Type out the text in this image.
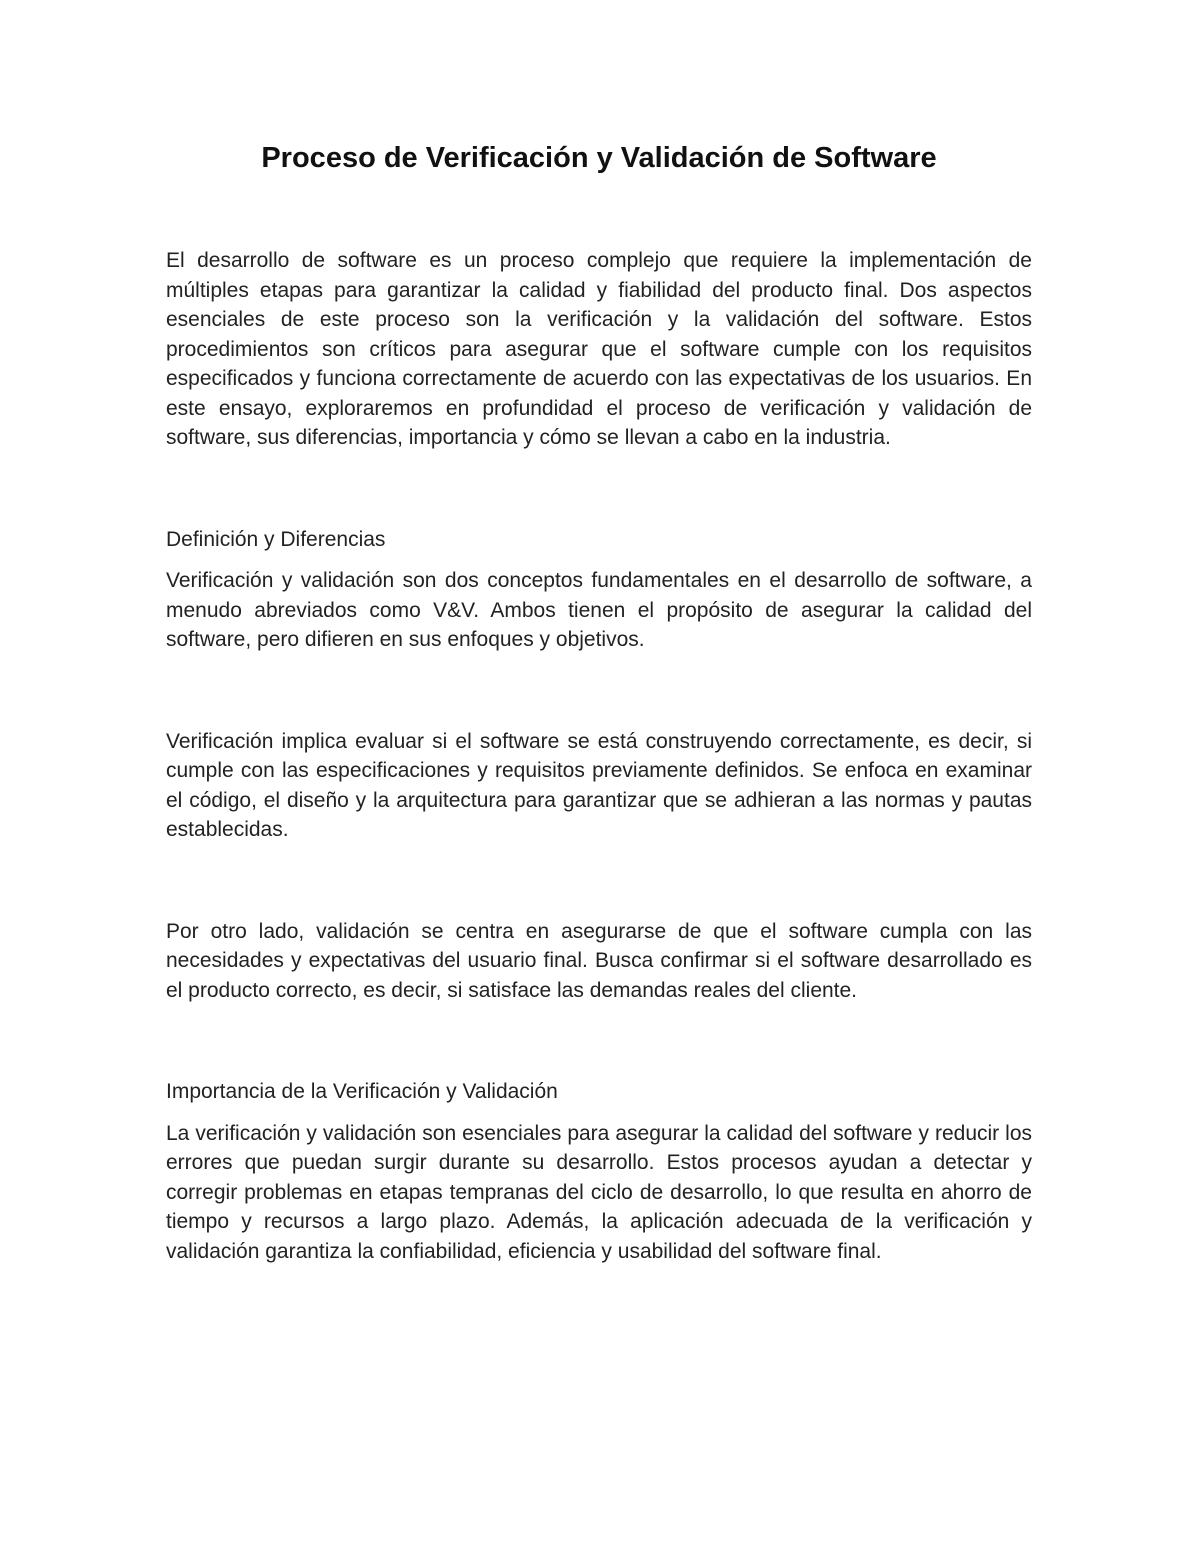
Proceso de Verificación y Validación de Software

El desarrollo de software es un proceso complejo que requiere la implementación de múltiples etapas para garantizar la calidad y fiabilidad del producto final. Dos aspectos esenciales de este proceso son la verificación y la validación del software. Estos procedimientos son críticos para asegurar que el software cumple con los requisitos especificados y funciona correctamente de acuerdo con las expectativas de los usuarios. En este ensayo, exploraremos en profundidad el proceso de verificación y validación de software, sus diferencias, importancia y cómo se llevan a cabo en la industria.

Definición y Diferencias

Verificación y validación son dos conceptos fundamentales en el desarrollo de software, a menudo abreviados como V&V. Ambos tienen el propósito de asegurar la calidad del software, pero difieren en sus enfoques y objetivos.

Verificación implica evaluar si el software se está construyendo correctamente, es decir, si cumple con las especificaciones y requisitos previamente definidos. Se enfoca en examinar el código, el diseño y la arquitectura para garantizar que se adhieran a las normas y pautas establecidas.

Por otro lado, validación se centra en asegurarse de que el software cumpla con las necesidades y expectativas del usuario final. Busca confirmar si el software desarrollado es el producto correcto, es decir, si satisface las demandas reales del cliente.

Importancia de la Verificación y Validación

La verificación y validación son esenciales para asegurar la calidad del software y reducir los errores que puedan surgir durante su desarrollo. Estos procesos ayudan a detectar y corregir problemas en etapas tempranas del ciclo de desarrollo, lo que resulta en ahorro de tiempo y recursos a largo plazo. Además, la aplicación adecuada de la verificación y validación garantiza la confiabilidad, eficiencia y usabilidad del software final.
